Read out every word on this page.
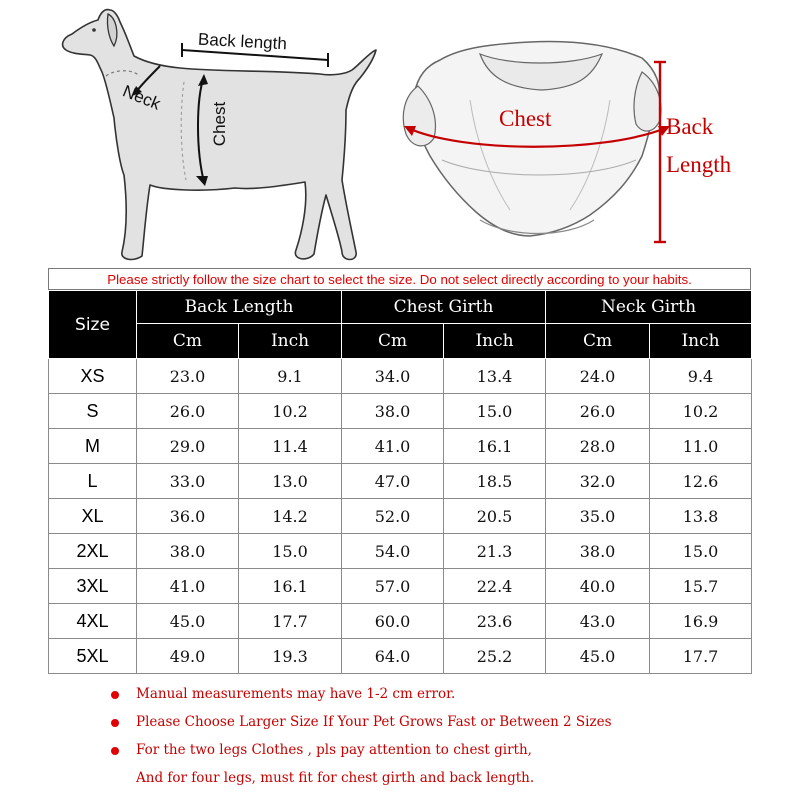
Back length
Neck
Chest	Chest	Back
Length
Please strictly follow the size chart to select the size. Do not select directly according to your habits.
Size	Back Length		Chest Girth		Neck Girth	
	Cm	Inch	Cm	Inch	Cm	Inch
XS	23.0	9.1	34.0	13.4	24.0	9.4
S	26.0	10.2	38.0	15.0	26.0	10.2
M	29.0	11.4	41.0	16.1	28.0	11.0
L	33.0	13.0	47.0	18.5	32.0	12.6
XL	36.0	14.2	52.0	20.5	35.0	13.8
2XL	38.0	15.0	54.0	21.3	38.0	15.0
3XL	41.0	16.1	57.0	22.4	40.0	15.7
4XL	45.0	17.7	60.0	23.6	43.0	16.9
5XL	49.0	19.3	64.0	25.2	45.0	17.7
Manual measurements may have 1-2 cm error.
Please Choose Larger Size If Your Pet Grows Fast or Between 2 Sizes
For the two legs Clothes , pls pay attention to chest girth,
And for four legs, must fit for chest girth and back length.
